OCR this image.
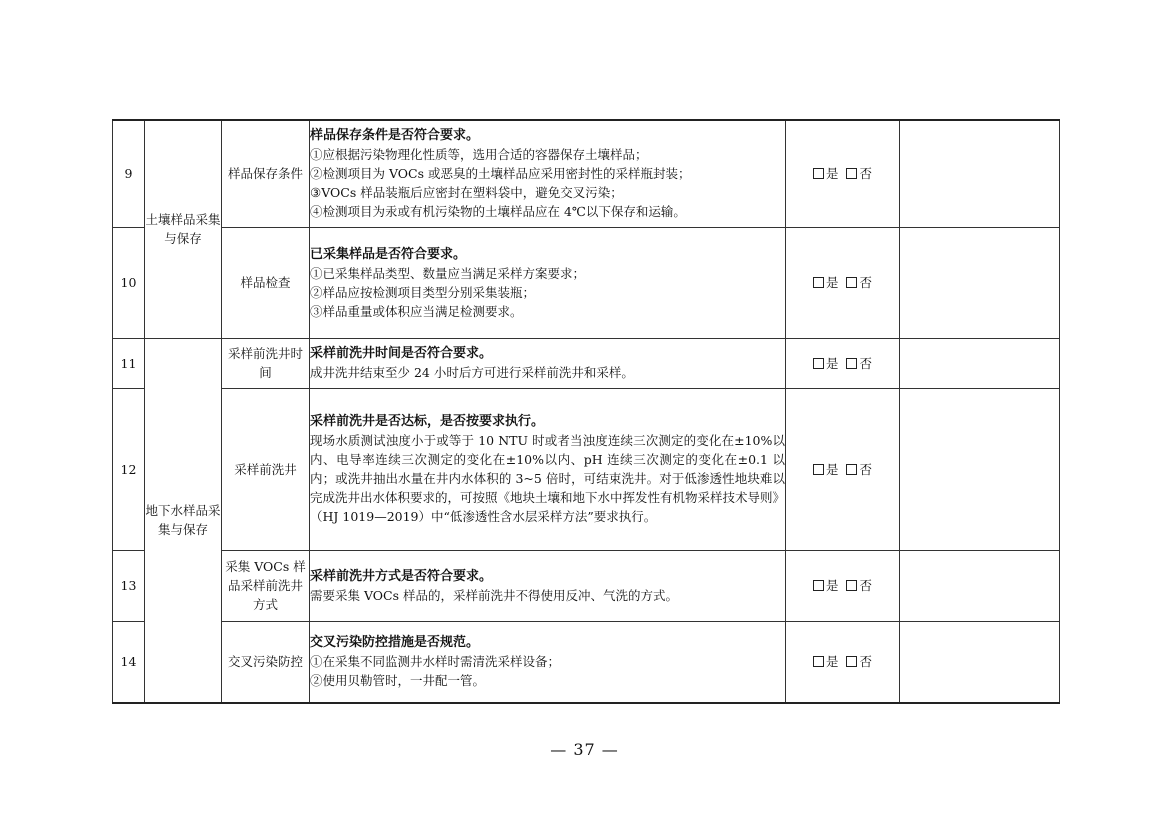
9	土壤样品采集与保存	样品保存条件	样品保存条件是否符合要求。
①应根据污染物理化性质等，选用合适的容器保存土壤样品；
②检测项目为 VOCs 或恶臭的土壤样品应采用密封性的采样瓶封装；
③VOCs 样品装瓶后应密封在塑料袋中，避免交叉污染；
④检测项目为汞或有机污染物的土壤样品应在 4℃以下保存和运输。	是 否	
10		样品检查	已采集样品是否符合要求。
①已采集样品类型、数量应当满足采样方案要求；
②样品应按检测项目类型分别采集装瓶；
③样品重量或体积应当满足检测要求。	是 否	
11	地下水样品采集与保存	采样前洗井时间	采样前洗井时间是否符合要求。
成井洗井结束至少 24 小时后方可进行采样前洗井和采样。	是 否	
12		采样前洗井	采样前洗井是否达标，是否按要求执行。
现场水质测试浊度小于或等于 10 NTU 时或者当浊度连续三次测定的变化在±10%以内、电导率连续三次测定的变化在±10%以内、pH 连续三次测定的变化在±0.1 以内；或洗井抽出水量在井内水体积的 3~5 倍时，可结束洗井。对于低渗透性地块难以完成洗井出水体积要求的，可按照《地块土壤和地下水中挥发性有机物采样技术导则》（HJ 1019—2019）中“低渗透性含水层采样方法”要求执行。	是 否	
13		采集 VOCs 样品采样前洗井方式	采样前洗井方式是否符合要求。
需要采集 VOCs 样品的，采样前洗井不得使用反冲、气洗的方式。	是 否	
14		交叉污染防控	交叉污染防控措施是否规范。
①在采集不同监测井水样时需清洗采样设备；
②使用贝勒管时，一井配一管。	是 否	
— 37 —
